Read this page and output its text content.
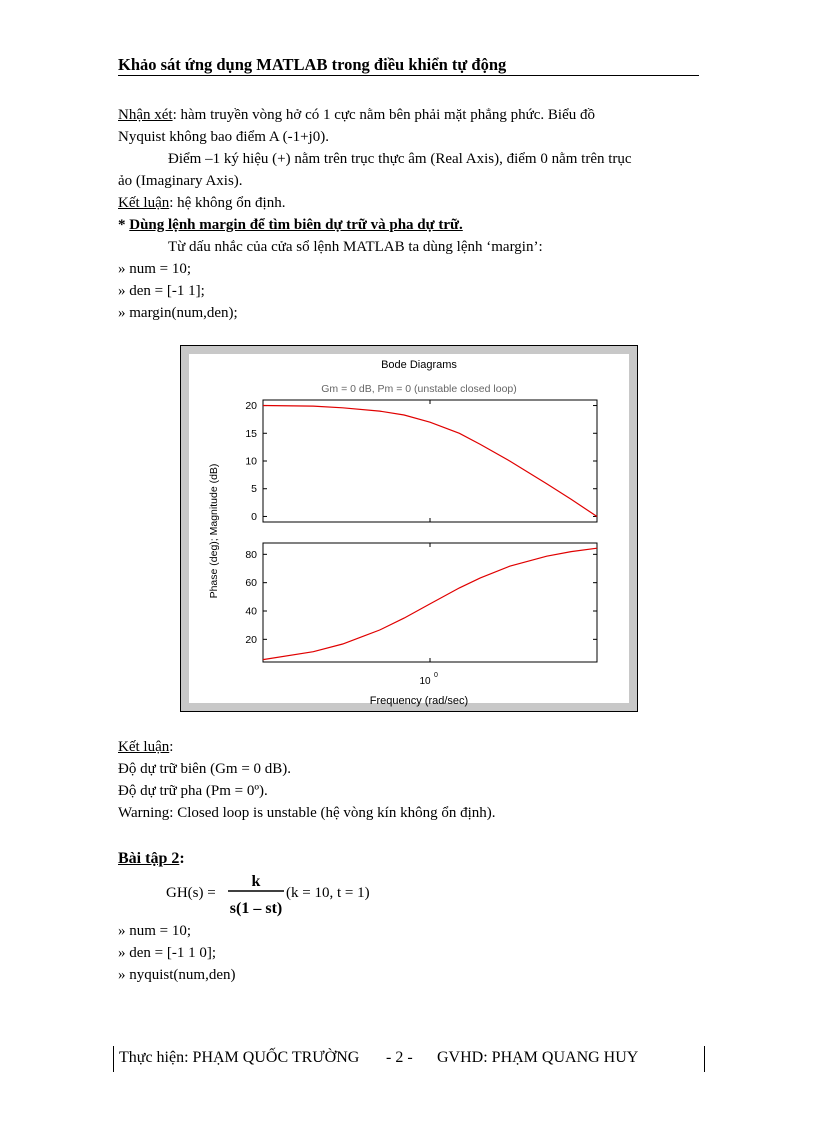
Khảo sát ứng dụng MATLAB trong điều khiển tự động
Nhận xét: hàm truyền vòng hở có 1 cực nằm bên phải mặt phẳng phức. Biểu đồ
Nyquist không bao điểm A (-1+j0).
Điểm –1 ký hiệu (+) nằm trên trục thực âm (Real Axis), điểm 0 nằm trên trục
ảo (Imaginary Axis).
Kết luận: hệ không ổn định.
* Dùng lệnh margin để tìm biên dự trữ và pha dự trữ.
Từ dấu nhắc của cửa sổ lệnh MATLAB ta dùng lệnh ‘margin’:
» num = 10;
» den = [-1 1];
» margin(num,den);
Bode Diagrams
Gm = 0 dB, Pm = 0 (unstable closed loop)
0
5
10
15
20
20
40
60
80
10
0
Frequency (rad/sec)
Phase (deg); Magnitude (dB)
Kết luận:
Độ dự trữ biên (Gm = 0 dB).
Độ dự trữ pha (Pm = 0º).
Warning: Closed loop is unstable (hệ vòng kín không ổn định).
Bài tập 2:
GH(s) =
k
s(1 – st)
(k = 10, t = 1)
» num = 10;
» den = [-1 1 0];
» nyquist(num,den)
Thực hiện: PHẠM QUỐC TRƯỜNG - 2 - GVHD: PHẠM QUANG HUY
